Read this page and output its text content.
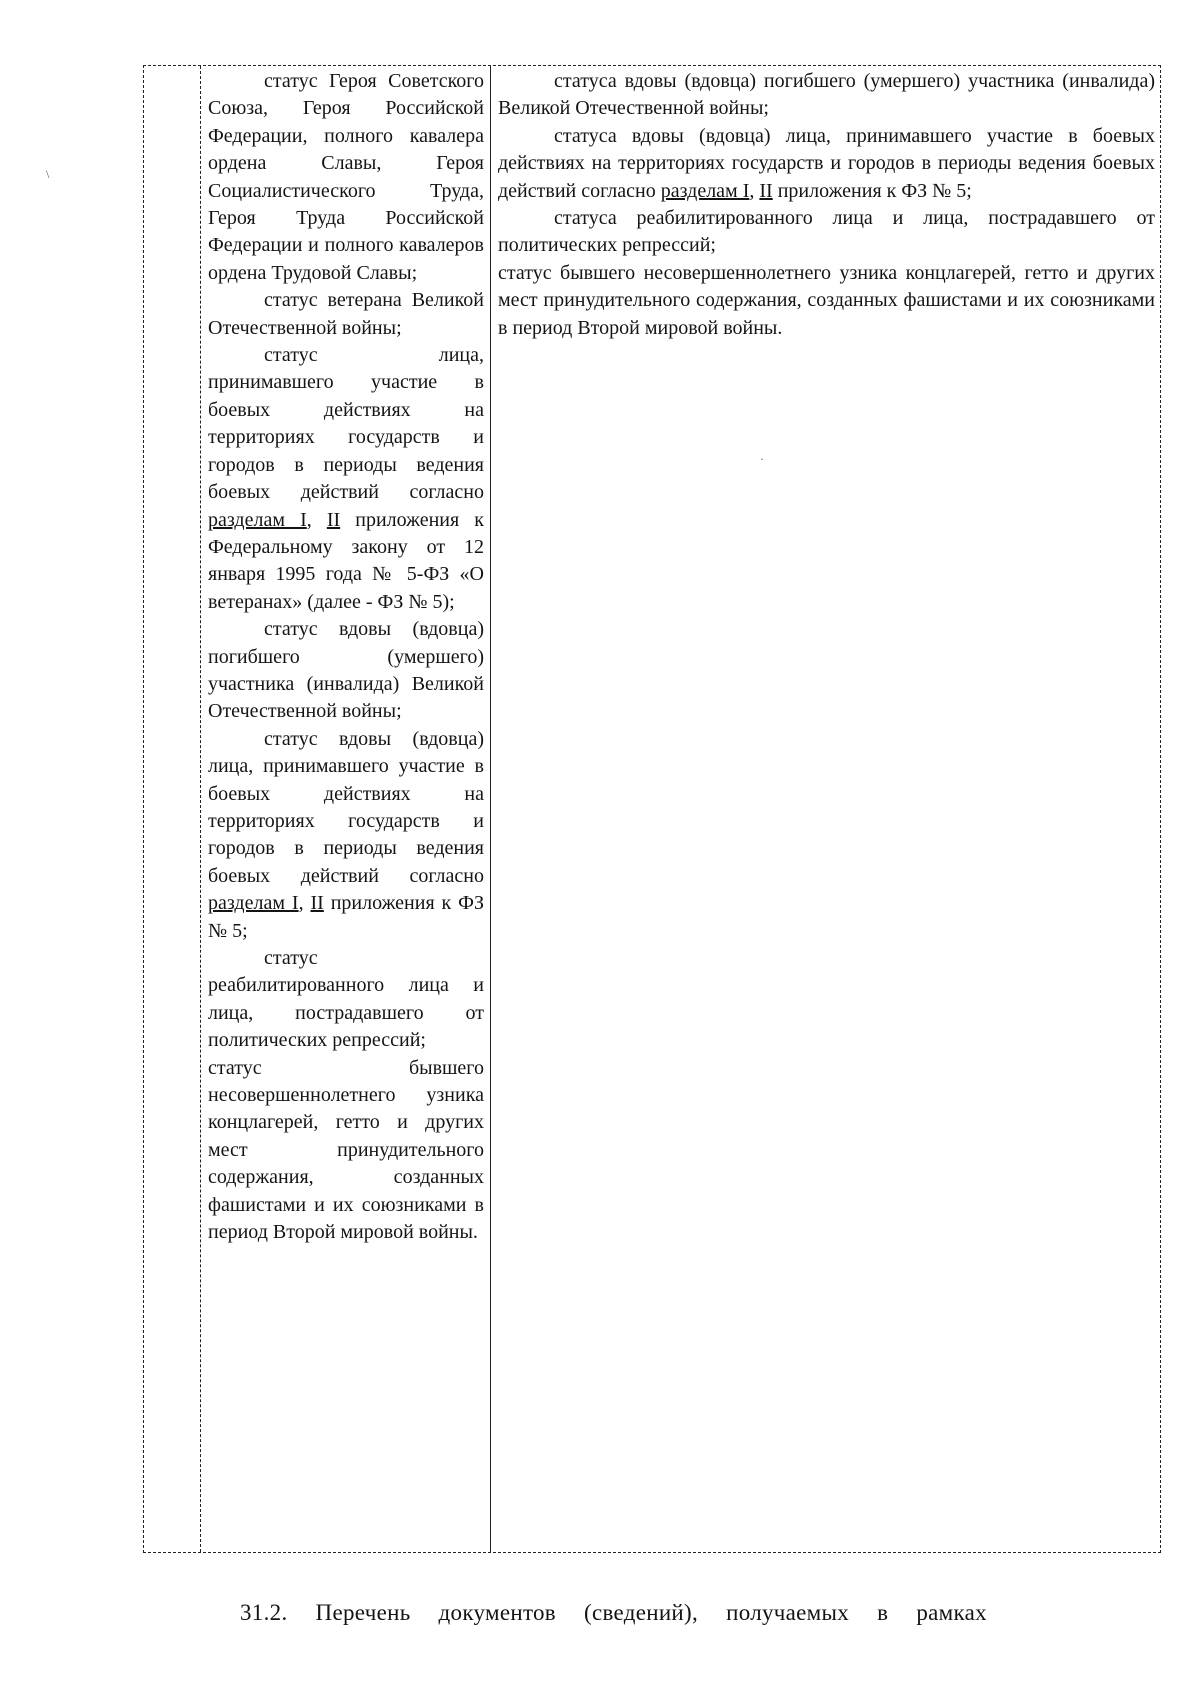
статус Героя Советского Союза, Героя Российской Федерации, полного кавалера ордена Славы, Героя Социалистического Труда, Героя Труда Российской Федерации и полного кавалеров ордена Трудовой Славы;

статус ветерана Великой Отечественной войны;

статус лица, принимавшего участие в боевых действиях на территориях государств и городов в периоды ведения боевых действий согласно разделам I, II приложения к Федеральному закону от 12 января 1995 года № 5-ФЗ «О ветеранах» (далее - ФЗ № 5);

статус вдовы (вдовца) погибшего (умершего) участника (инвалида) Великой Отечественной войны;

статус вдовы (вдовца) лица, принимавшего участие в боевых действиях на территориях государств и городов в периоды ведения боевых действий согласно разделам I, II приложения к ФЗ № 5;

статус реабилитированного лица и лица, пострадавшего от политических репрессий;

статус бывшего несовершеннолетнего узника концлагерей, гетто и других мест принудительного содержания, созданных фашистами и их союзниками в период Второй мировой войны.

статуса вдовы (вдовца) погибшего (умершего) участника (инвалида) Великой Отечественной войны;

статуса вдовы (вдовца) лица, принимавшего участие в боевых действиях на территориях государств и городов в периоды ведения боевых действий согласно разделам I, II приложения к ФЗ № 5;

статуса реабилитированного лица и лица, пострадавшего от политических репрессий;

статус бывшего несовершеннолетнего узника концлагерей, гетто и других мест принудительного содержания, созданных фашистами и их союзниками в период Второй мировой войны.

31.2. Перечень документов (сведений), получаемых в рамках
\
·
